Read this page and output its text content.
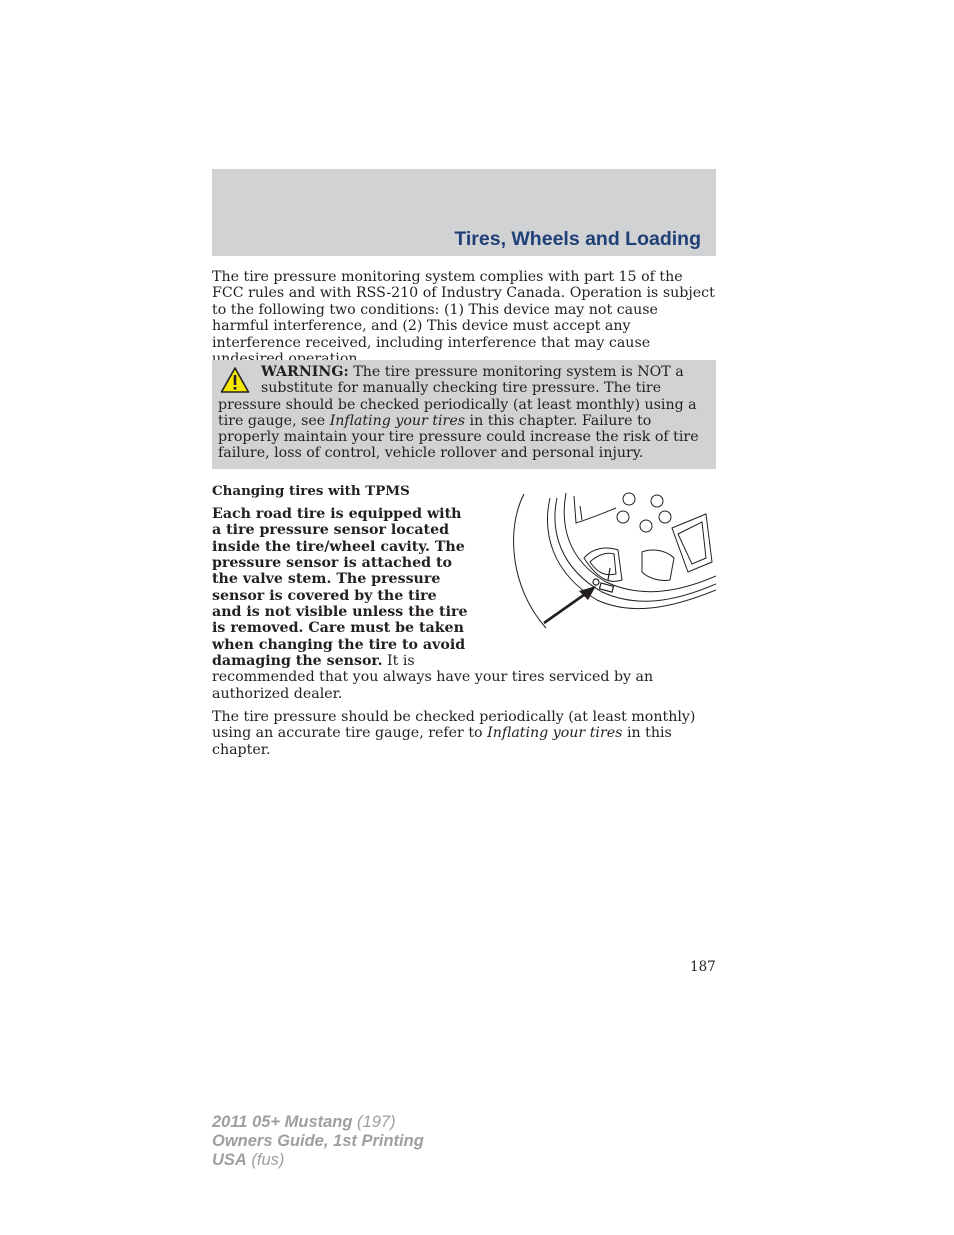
Tires, Wheels and Loading

The tire pressure monitoring system complies with part 15 of the FCC rules and with RSS-210 of Industry Canada. Operation is subject to the following two conditions: (1) This device may not cause harmful interference, and (2) This device must accept any interference received, including interference that may cause

WARNING: The tire pressure monitoring system is NOT a substitute for manually checking tire pressure. The tire pressure should be checked periodically (at least monthly) using a tire gauge, see Inflating your tires in this chapter. Failure to properly maintain your tire pressure could increase the risk of tire failure, loss of control, vehicle rollover and personal injury.

Changing tires with TPMS

Each road tire is equipped with a tire pressure sensor located inside the tire/wheel cavity. The pressure sensor is attached to the valve stem. The pressure sensor is covered by the tire and is not visible unless the tire is removed. Care must be taken when changing the tire to avoid damaging the sensor. It is recommended that you always have your tires serviced by an authorized dealer.

The tire pressure should be checked periodically (at least monthly) using an accurate tire gauge, refer to Inflating your tires in this chapter.

187
2011 05+ Mustang (197)
Owners Guide, 1st Printing
USA (fus)
